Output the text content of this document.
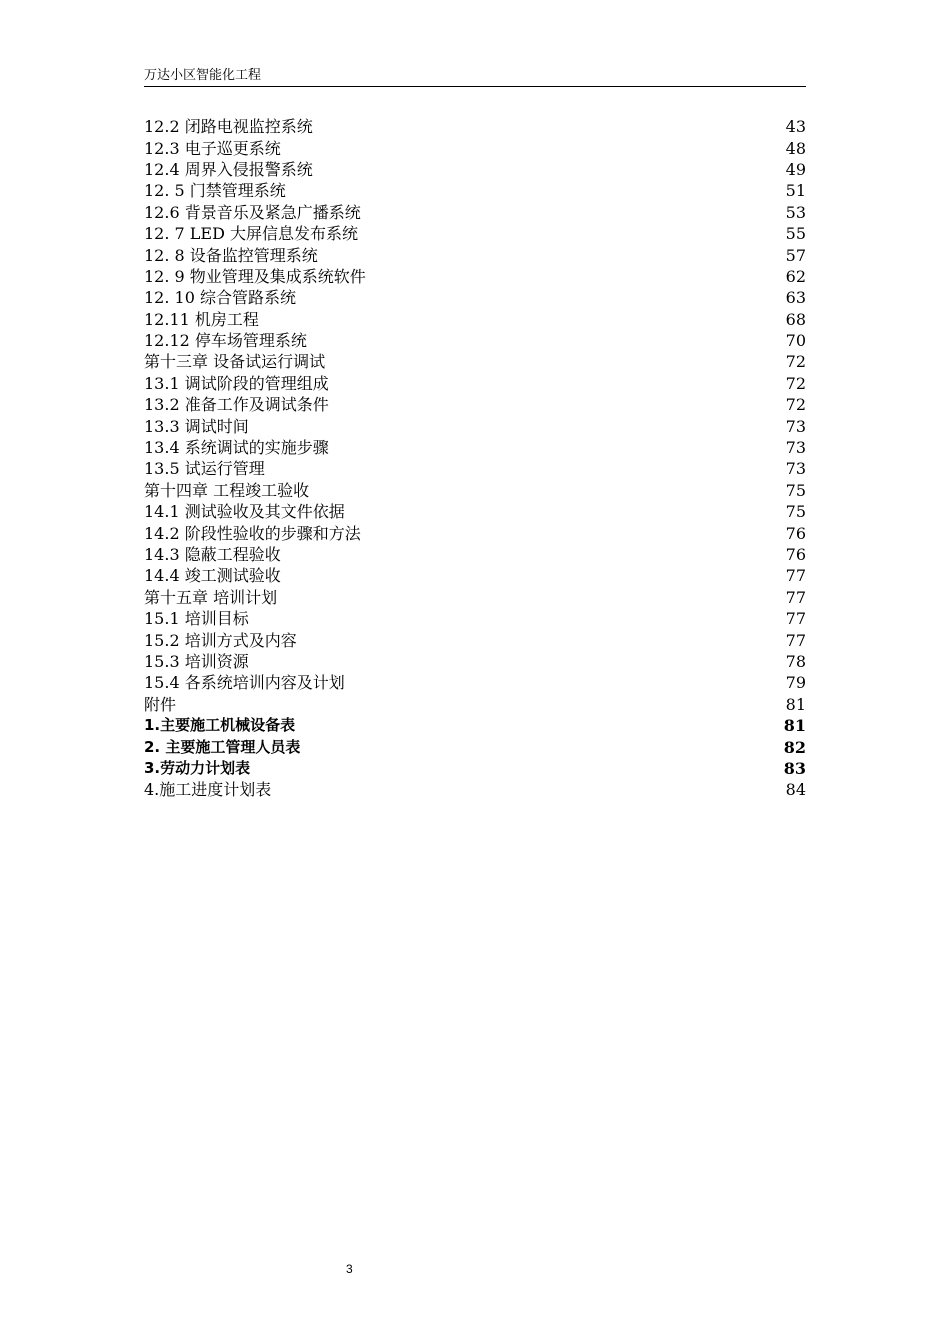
万达小区智能化工程
12.2 闭路电视监控系统	43
12.3 电子巡更系统	48
12.4 周界入侵报警系统	49
12. 5 门禁管理系统	51
12.6 背景音乐及紧急广播系统	53
12. 7 LED 大屏信息发布系统	55
12. 8 设备监控管理系统	57
12. 9 物业管理及集成系统软件	62
12. 10 综合管路系统	63
12.11 机房工程	68
12.12 停车场管理系统	70
第十三章 设备试运行调试	72
13.1 调试阶段的管理组成	72
13.2 准备工作及调试条件	72
13.3 调试时间	73
13.4 系统调试的实施步骤	73
13.5 试运行管理	73
第十四章 工程竣工验收	75
14.1 测试验收及其文件依据	75
14.2 阶段性验收的步骤和方法	76
14.3 隐蔽工程验收	76
14.4 竣工测试验收	77
第十五章 培训计划	77
15.1 培训目标	77
15.2 培训方式及内容	77
15.3 培训资源	78
15.4 各系统培训内容及计划	79
附件	81
1.主要施工机械设备表	81
2. 主要施工管理人员表	82
3.劳动力计划表	83
4.施工进度计划表	84
3
